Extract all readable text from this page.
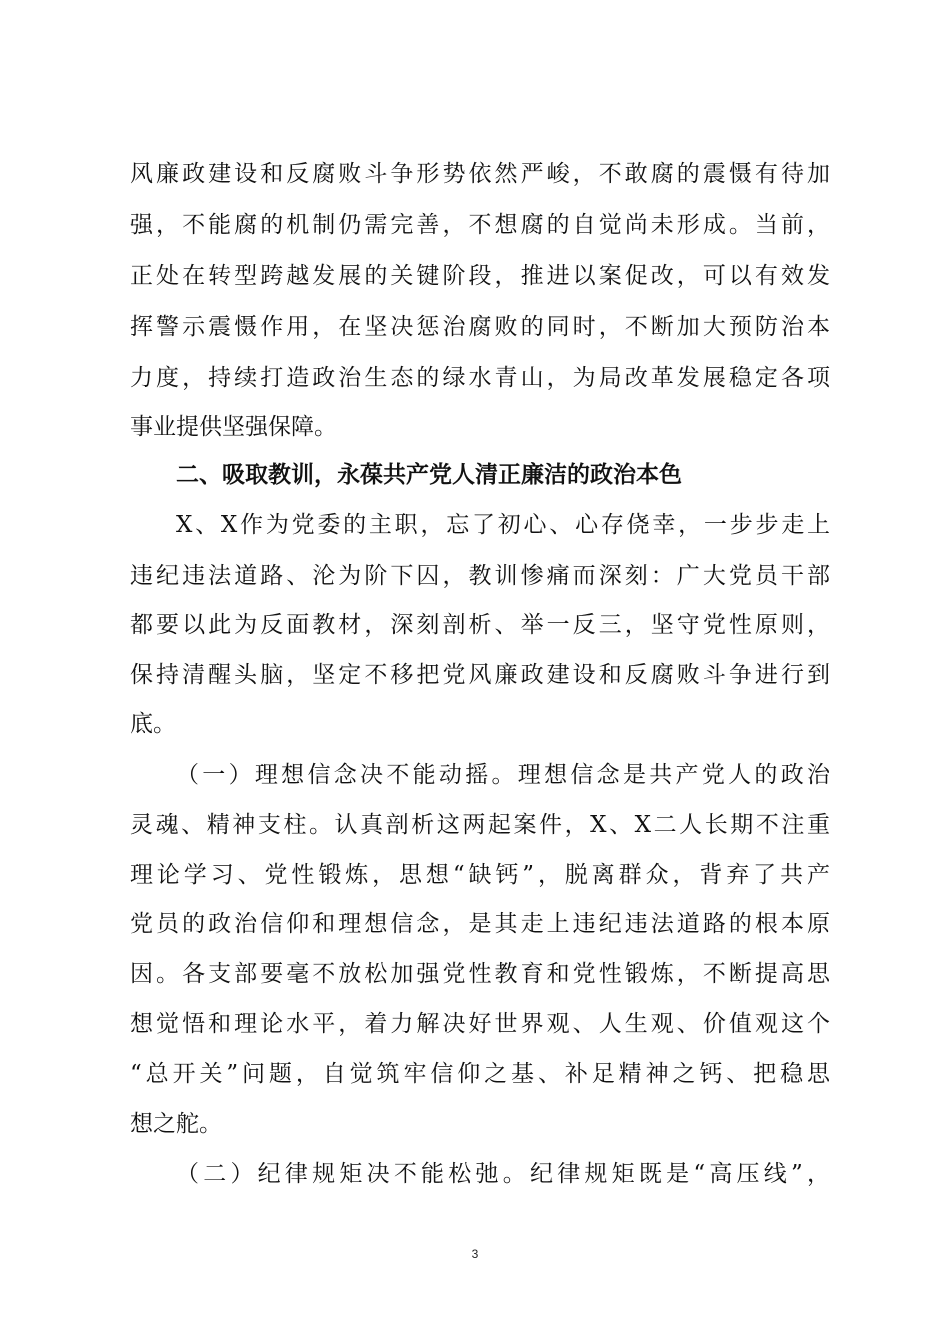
风廉政建设和反腐败斗争形势依然严峻，不敢腐的震慑有待加
强，不能腐的机制仍需完善，不想腐的自觉尚未形成。当前，
正处在转型跨越发展的关键阶段，推进以案促改，可以有效发
挥警示震慑作用，在坚决惩治腐败的同时，不断加大预防治本
力度，持续打造政治生态的绿水青山，为局改革发展稳定各项
事业提供坚强保障。
二、吸取教训，永葆共产党人清正廉洁的政治本色
X、X作为党委的主职，忘了初心、心存侥幸，一步步走上
违纪违法道路、沦为阶下囚，教训惨痛而深刻：广大党员干部
都要以此为反面教材，深刻剖析、举一反三，坚守党性原则，
保持清醒头脑，坚定不移把党风廉政建设和反腐败斗争进行到
底。
（一）理想信念决不能动摇。理想信念是共产党人的政治
灵魂、精神支柱。认真剖析这两起案件，X、X二人长期不注重
理论学习、党性锻炼，思想“缺钙”，脱离群众，背弃了共产
党员的政治信仰和理想信念，是其走上违纪违法道路的根本原
因。各支部要毫不放松加强党性教育和党性锻炼，不断提高思
想觉悟和理论水平，着力解决好世界观、人生观、价值观这个
“总开关”问题，自觉筑牢信仰之基、补足精神之钙、把稳思
想之舵。
（二）纪律规矩决不能松弛。纪律规矩既是“高压线”，
3
